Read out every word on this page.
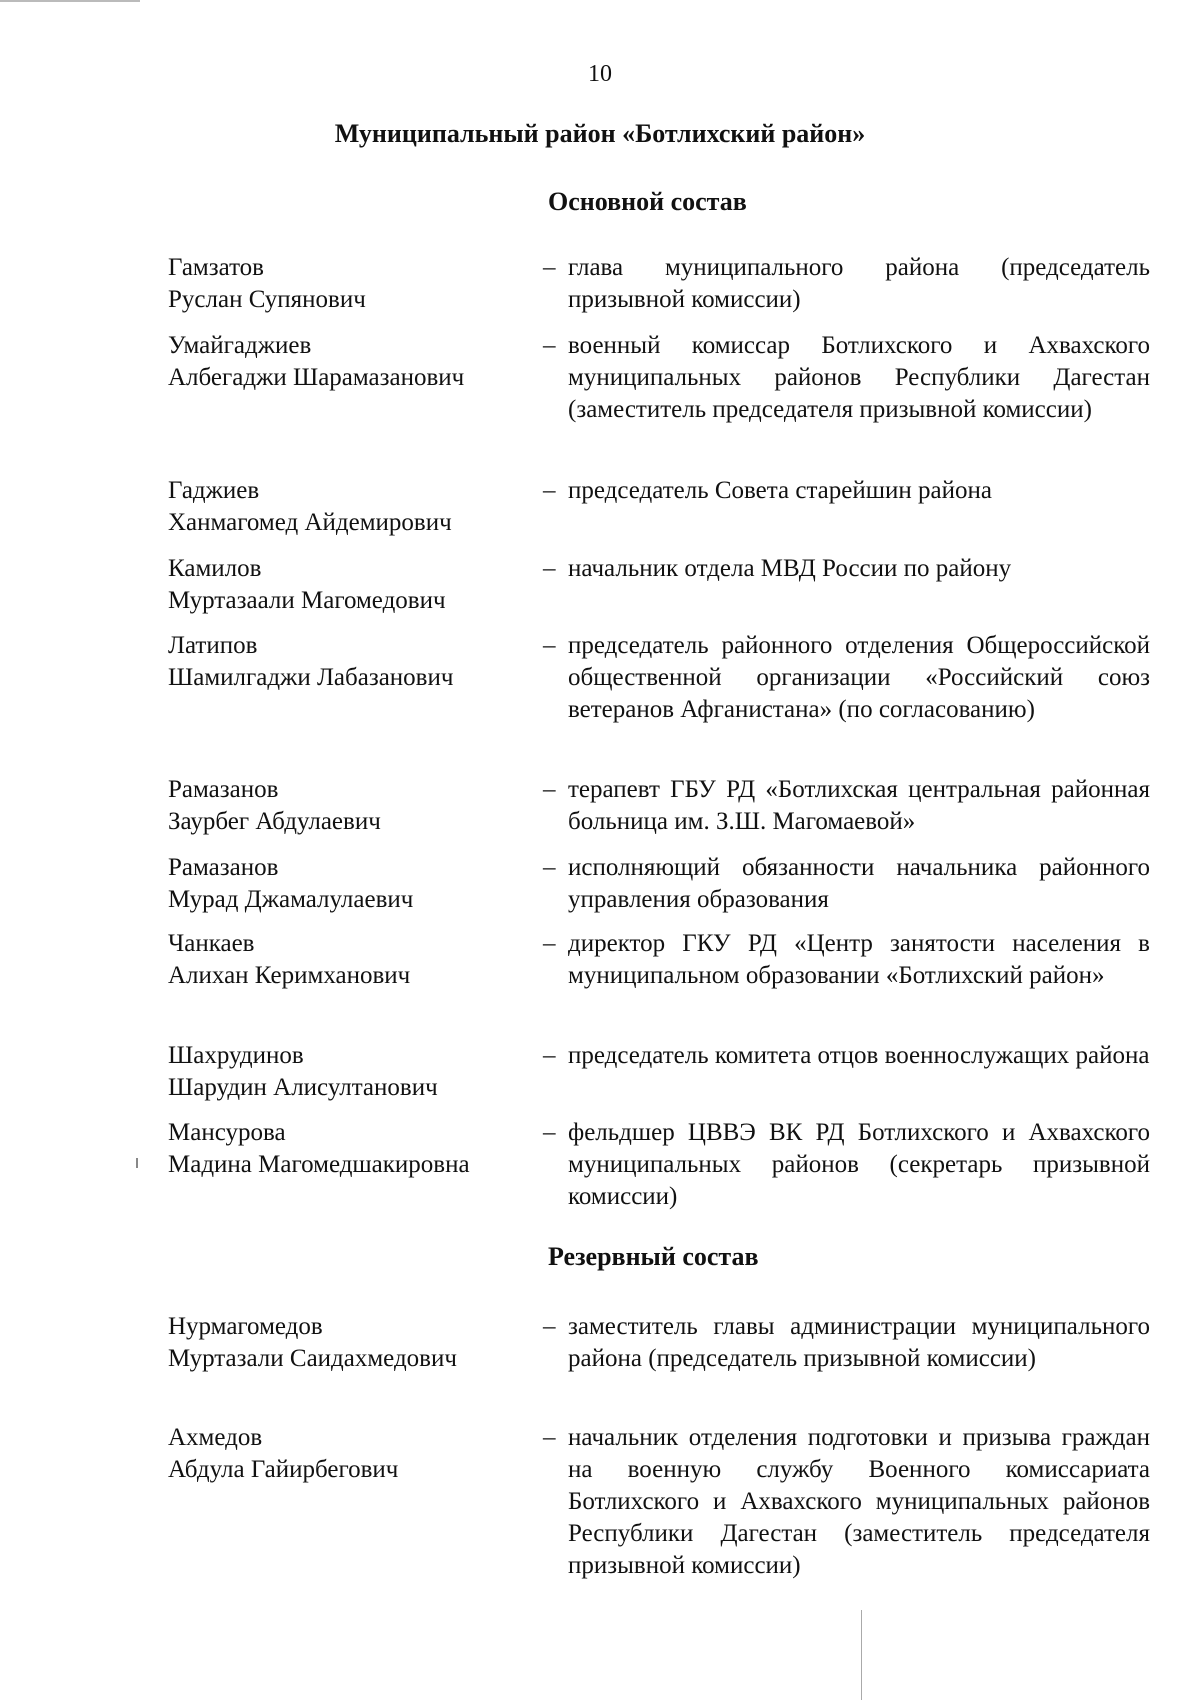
10
Муниципальный район «Ботлихский район»
Основной состав
Гамзатов
Руслан Супянович
– глава муниципального района (председатель призывной комиссии)
Умайгаджиев
Албегаджи Шарамазанович
– военный комиссар Ботлихского и Ахвахского муниципальных районов Республики Дагестан (заместитель председателя призывной комиссии)
Гаджиев
Ханмагомед Айдемирович
– председатель Совета старейшин района
Камилов
Муртазаали Магомедович
– начальник отдела МВД России по району
Латипов
Шамилгаджи Лабазанович
– председатель районного отделения Общероссийской общественной организации «Российский союз ветеранов Афганистана» (по согласованию)
Рамазанов
Заурбег Абдулаевич
– терапевт ГБУ РД «Ботлихская центральная районная больница им. З.Ш. Магомаевой»
Рамазанов
Мурад Джамалулаевич
– исполняющий обязанности начальника районного управления образования
Чанкаев
Алихан Керимханович
– директор ГКУ РД «Центр занятости населения в муниципальном образовании «Ботлихский район»
Шахрудинов
Шарудин Алисултанович
– председатель комитета отцов военнослужащих района
Мансурова
Мадина Магомедшакировна
– фельдшер ЦВВЭ ВК РД Ботлихского и Ахвахского муниципальных районов (секретарь призывной комиссии)
Резервный состав
Нурмагомедов
Муртазали Саидахмедович
– заместитель главы администрации муниципального района (председатель призывной комиссии)
Ахмедов
Абдула Гайирбегович
– начальник отделения подготовки и призыва граждан на военную службу Военного комиссариата Ботлихского и Ахвахского муниципальных районов Республики Дагестан (заместитель председателя призывной комиссии)
